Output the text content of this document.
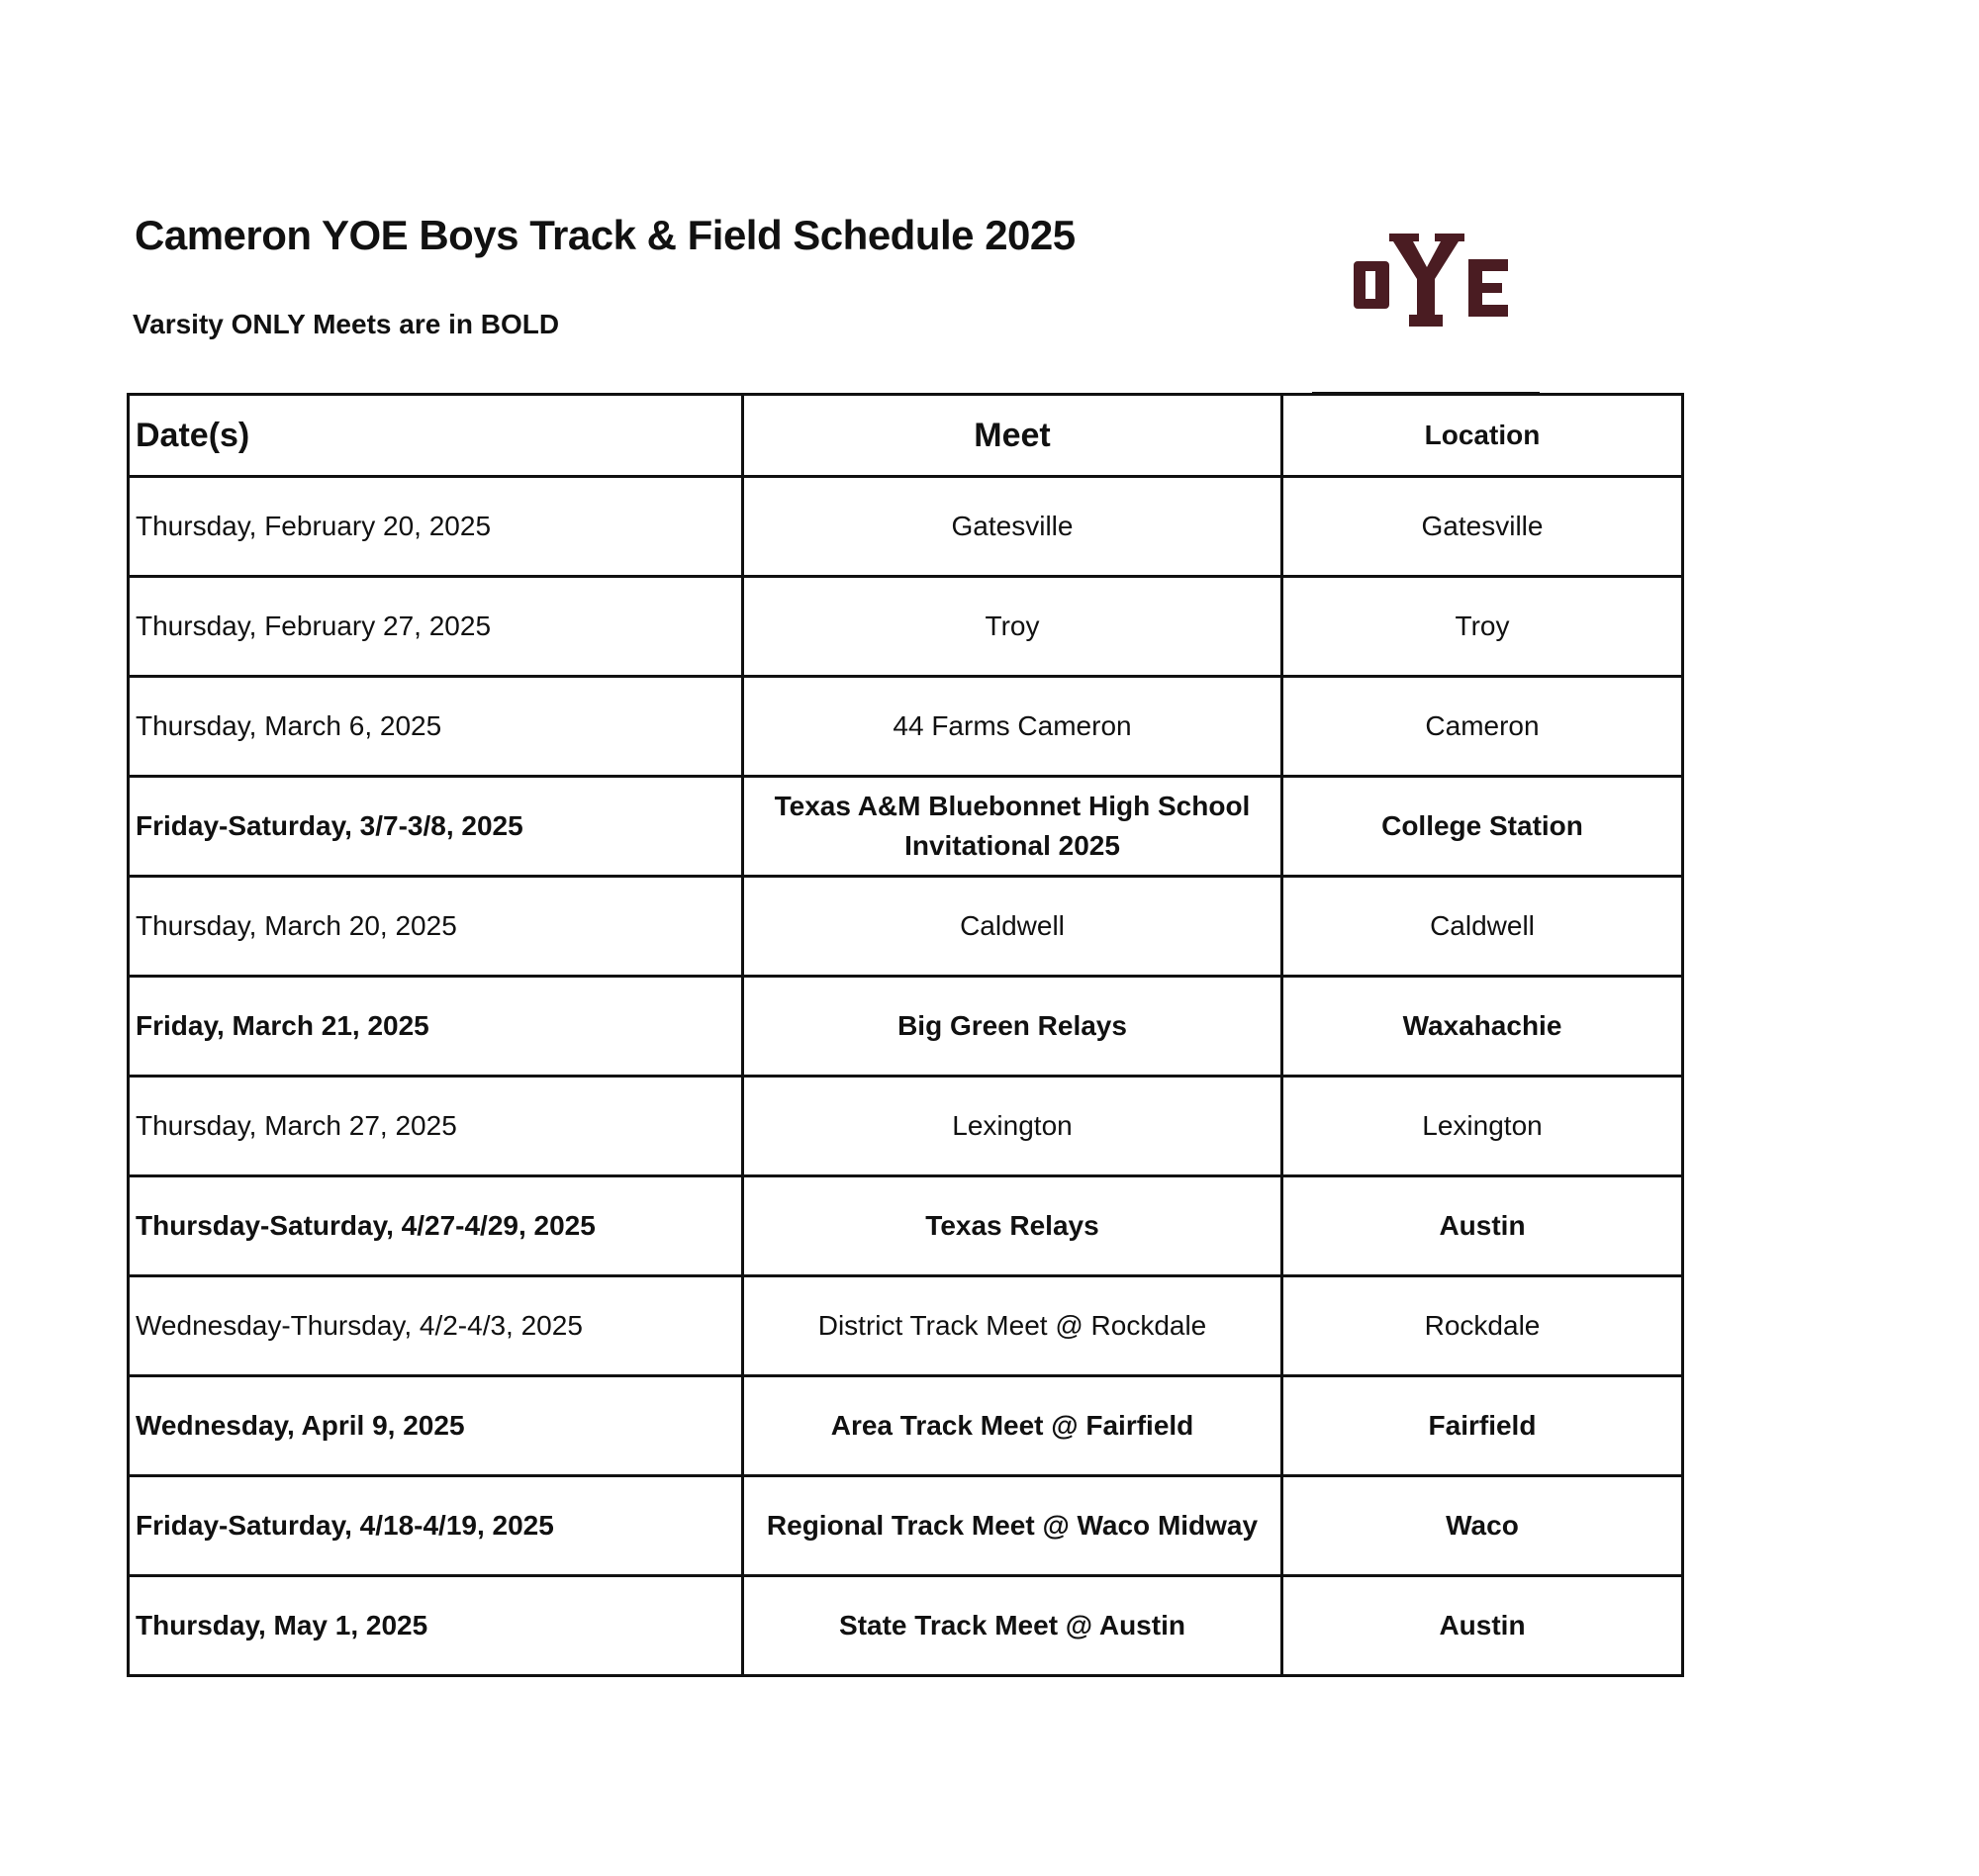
Cameron YOE Boys Track & Field Schedule 2025
Varsity ONLY Meets are in BOLD
Date(s)	Meet	Location
Thursday, February 20, 2025	Gatesville	Gatesville
Thursday, February 27, 2025	Troy	Troy
Thursday, March 6, 2025	44 Farms Cameron	Cameron
Friday-Saturday, 3/7-3/8, 2025	Texas A&M Bluebonnet High School Invitational 2025	College Station
Thursday, March 20, 2025	Caldwell	Caldwell
Friday, March 21, 2025	Big Green Relays	Waxahachie
Thursday, March 27, 2025	Lexington	Lexington
Thursday-Saturday, 4/27-4/29, 2025	Texas Relays	Austin
Wednesday-Thursday, 4/2-4/3, 2025	District Track Meet @ Rockdale	Rockdale
Wednesday, April 9, 2025	Area Track Meet @ Fairfield	Fairfield
Friday-Saturday, 4/18-4/19, 2025	Regional Track Meet @ Waco Midway	Waco
Thursday, May 1, 2025	State Track Meet @ Austin	Austin
